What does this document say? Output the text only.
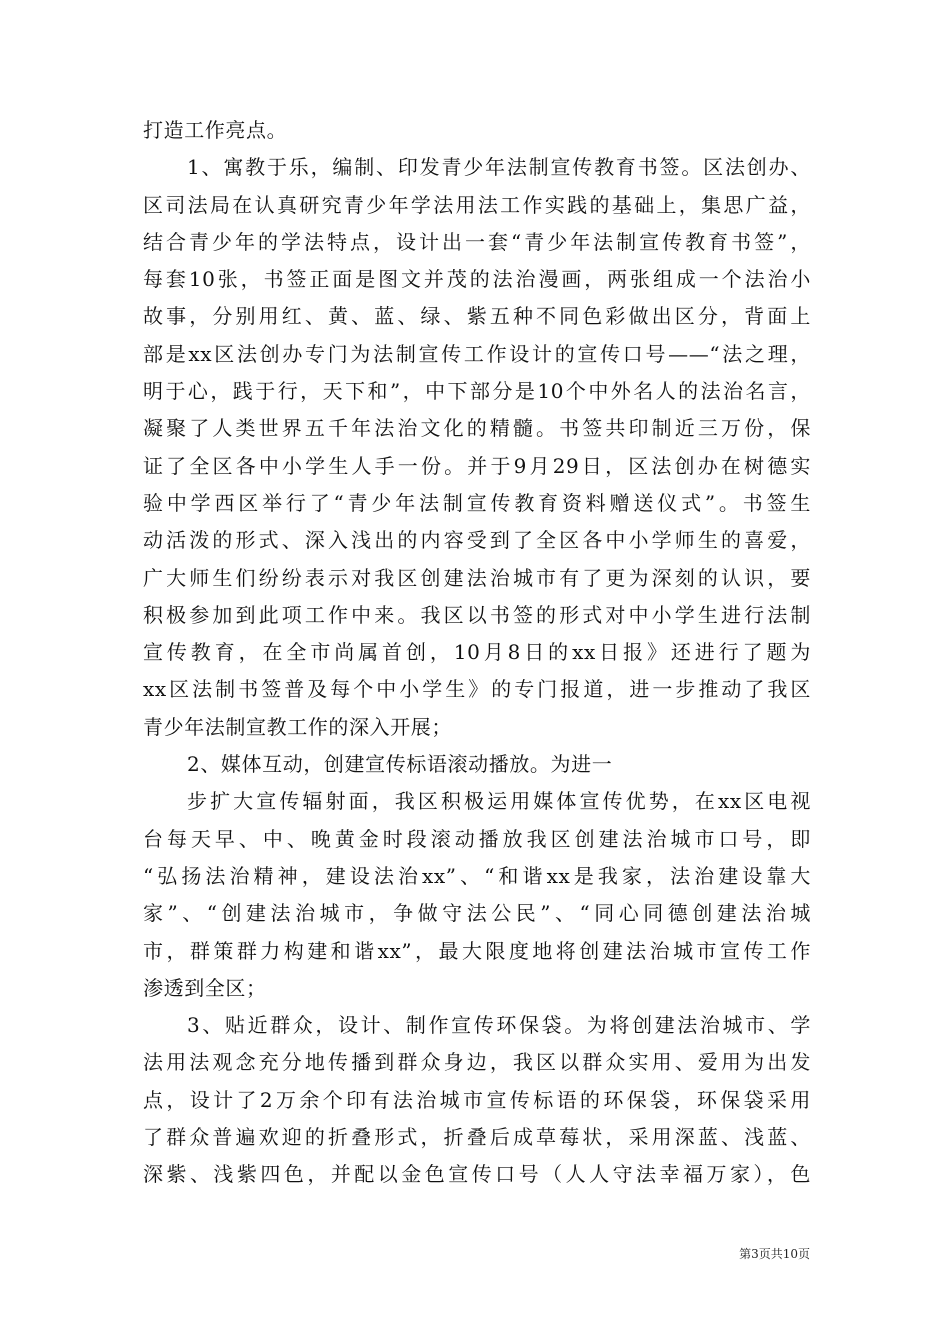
打造工作亮点。
1、寓教于乐，编制、印发青少年法制宣传教育书签。区法创办、
区司法局在认真研究青少年学法用法工作实践的基础上，集思广益，
结合青少年的学法特点，设计出一套“青少年法制宣传教育书签”，
每套10张，书签正面是图文并茂的法治漫画，两张组成一个法治小
故事，分别用红、黄、蓝、绿、紫五种不同色彩做出区分，背面上
部是xx区法创办专门为法制宣传工作设计的宣传口号——“法之理，
明于心，践于行，天下和”，中下部分是10个中外名人的法治名言，
凝聚了人类世界五千年法治文化的精髓。书签共印制近三万份，保
证了全区各中小学生人手一份。并于9月29日，区法创办在树德实
验中学西区举行了“青少年法制宣传教育资料赠送仪式”。书签生
动活泼的形式、深入浅出的内容受到了全区各中小学师生的喜爱，
广大师生们纷纷表示对我区创建法治城市有了更为深刻的认识，要
积极参加到此项工作中来。我区以书签的形式对中小学生进行法制
宣传教育，在全市尚属首创，10月8日的xx日报》还进行了题为
xx区法制书签普及每个中小学生》的专门报道，进一步推动了我区
青少年法制宣教工作的深入开展；
2、媒体互动，创建宣传标语滚动播放。为进一
步扩大宣传辐射面，我区积极运用媒体宣传优势，在xx区电视
台每天早、中、晚黄金时段滚动播放我区创建法治城市口号，即
“弘扬法治精神，建设法治xx”、“和谐xx是我家，法治建设靠大
家”、“创建法治城市，争做守法公民”、“同心同德创建法治城
市，群策群力构建和谐xx”，最大限度地将创建法治城市宣传工作
渗透到全区；
3、贴近群众，设计、制作宣传环保袋。为将创建法治城市、学
法用法观念充分地传播到群众身边，我区以群众实用、爱用为出发
点，设计了2万余个印有法治城市宣传标语的环保袋，环保袋采用
了群众普遍欢迎的折叠形式，折叠后成草莓状，采用深蓝、浅蓝、
深紫、浅紫四色，并配以金色宣传口号（人人守法幸福万家），色
第3页共10页
